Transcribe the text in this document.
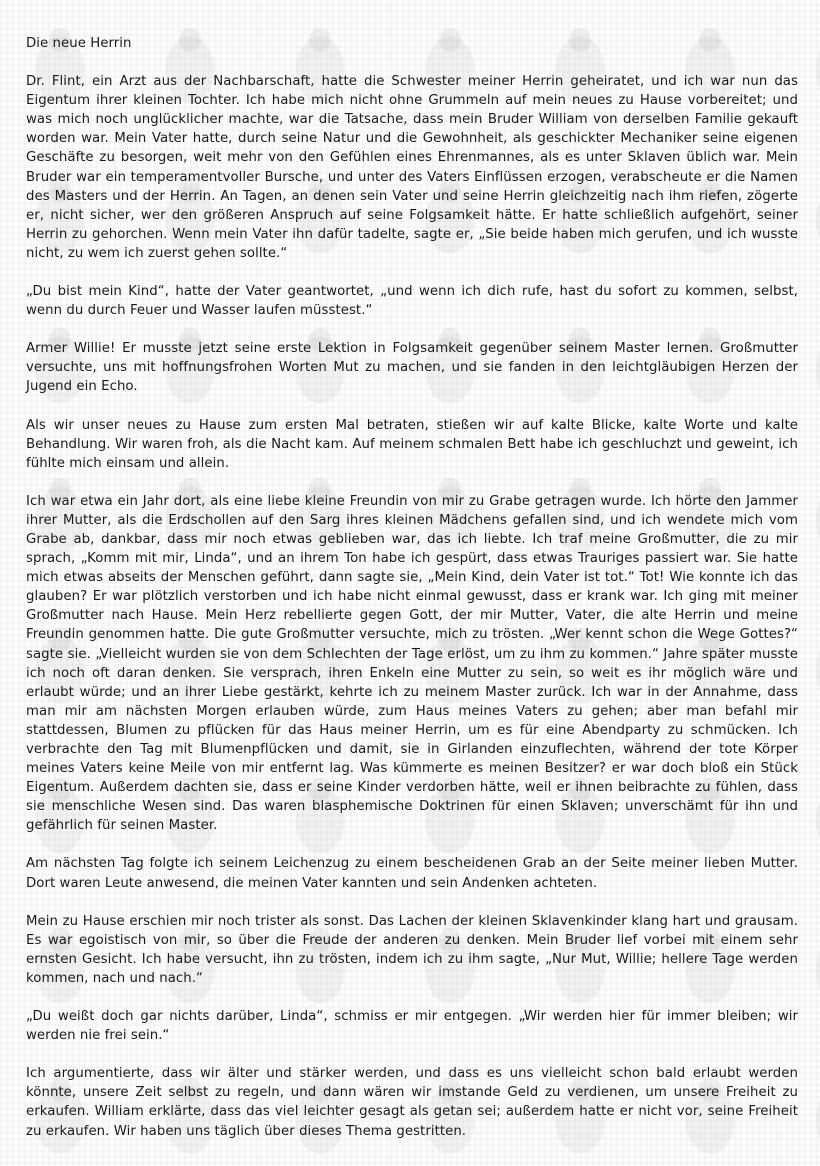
Die neue Herrin

Dr. Flint, ein Arzt aus der Nachbarschaft, hatte die Schwester meiner Herrin geheiratet, und ich war nun das Eigentum ihrer kleinen Tochter. Ich habe mich nicht ohne Grummeln auf mein neues zu Hause vorbereitet; und was mich noch unglücklicher machte, war die Tatsache, dass mein Bruder William von derselben Familie gekauft worden war. Mein Vater hatte, durch seine Natur und die Gewohnheit, als geschickter Mechaniker seine eigenen Geschäfte zu besorgen, weit mehr von den Gefühlen eines Ehrenmannes, als es unter Sklaven üblich war. Mein Bruder war ein temperamentvoller Bursche, und unter des Vaters Einflüssen erzogen, verabscheute er die Namen des Masters und der Herrin. An Tagen, an denen sein Vater und seine Herrin gleichzeitig nach ihm riefen, zögerte er, nicht sicher, wer den größeren Anspruch auf seine Folgsamkeit hätte. Er hatte schließlich aufgehört, seiner Herrin zu gehorchen. Wenn mein Vater ihn dafür tadelte, sagte er, „Sie beide haben mich gerufen, und ich wusste nicht, zu wem ich zuerst gehen sollte.“

„Du bist mein Kind“, hatte der Vater geantwortet, „und wenn ich dich rufe, hast du sofort zu kommen, selbst, wenn du durch Feuer und Wasser laufen müsstest.“

Armer Willie! Er musste jetzt seine erste Lektion in Folgsamkeit gegenüber seinem Master lernen. Großmutter versuchte, uns mit hoffnungsfrohen Worten Mut zu machen, und sie fanden in den leichtgläubigen Herzen der Jugend ein Echo.

Als wir unser neues zu Hause zum ersten Mal betraten, stießen wir auf kalte Blicke, kalte Worte und kalte Behandlung. Wir waren froh, als die Nacht kam. Auf meinem schmalen Bett habe ich geschluchzt und geweint, ich fühlte mich einsam und allein.

Ich war etwa ein Jahr dort, als eine liebe kleine Freundin von mir zu Grabe getragen wurde. Ich hörte den Jammer ihrer Mutter, als die Erdschollen auf den Sarg ihres kleinen Mädchens gefallen sind, und ich wendete mich vom Grabe ab, dankbar, dass mir noch etwas geblieben war, das ich liebte. Ich traf meine Großmutter, die zu mir sprach, „Komm mit mir, Linda“, und an ihrem Ton habe ich gespürt, dass etwas Trauriges passiert war. Sie hatte mich etwas abseits der Menschen geführt, dann sagte sie, „Mein Kind, dein Vater ist tot.“ Tot! Wie konnte ich das glauben? Er war plötzlich verstorben und ich habe nicht einmal gewusst, dass er krank war. Ich ging mit meiner Großmutter nach Hause. Mein Herz rebellierte gegen Gott, der mir Mutter, Vater, die alte Herrin und meine Freundin genommen hatte. Die gute Großmutter versuchte, mich zu trösten. „Wer kennt schon die Wege Gottes?“ sagte sie. „Vielleicht wurden sie von dem Schlechten der Tage erlöst, um zu ihm zu kommen.“ Jahre später musste ich noch oft daran denken. Sie versprach, ihren Enkeln eine Mutter zu sein, so weit es ihr möglich wäre und erlaubt würde; und an ihrer Liebe gestärkt, kehrte ich zu meinem Master zurück. Ich war in der Annahme, dass man mir am nächsten Morgen erlauben würde, zum Haus meines Vaters zu gehen; aber man befahl mir stattdessen, Blumen zu pflücken für das Haus meiner Herrin, um es für eine Abendparty zu schmücken. Ich verbrachte den Tag mit Blumenpflücken und damit, sie in Girlanden einzuflechten, während der tote Körper meines Vaters keine Meile von mir entfernt lag. Was kümmerte es meinen Besitzer? er war doch bloß ein Stück Eigentum. Außerdem dachten sie, dass er seine Kinder verdorben hätte, weil er ihnen beibrachte zu fühlen, dass sie menschliche Wesen sind. Das waren blasphemische Doktrinen für einen Sklaven; unverschämt für ihn und gefährlich für seinen Master.

Am nächsten Tag folgte ich seinem Leichenzug zu einem bescheidenen Grab an der Seite meiner lieben Mutter. Dort waren Leute anwesend, die meinen Vater kannten und sein Andenken achteten.

Mein zu Hause erschien mir noch trister als sonst. Das Lachen der kleinen Sklavenkinder klang hart und grausam. Es war egoistisch von mir, so über die Freude der anderen zu denken. Mein Bruder lief vorbei mit einem sehr ernsten Gesicht. Ich habe versucht, ihn zu trösten, indem ich zu ihm sagte, „Nur Mut, Willie; hellere Tage werden kommen, nach und nach.“

„Du weißt doch gar nichts darüber, Linda“, schmiss er mir entgegen. „Wir werden hier für immer bleiben; wir werden nie frei sein.“

Ich argumentierte, dass wir älter und stärker werden, und dass es uns vielleicht schon bald erlaubt werden könnte, unsere Zeit selbst zu regeln, und dann wären wir imstande Geld zu verdienen, um unsere Freiheit zu erkaufen. William erklärte, dass das viel leichter gesagt als getan sei; außerdem hatte er nicht vor, seine Freiheit zu erkaufen. Wir haben uns täglich über dieses Thema gestritten.
